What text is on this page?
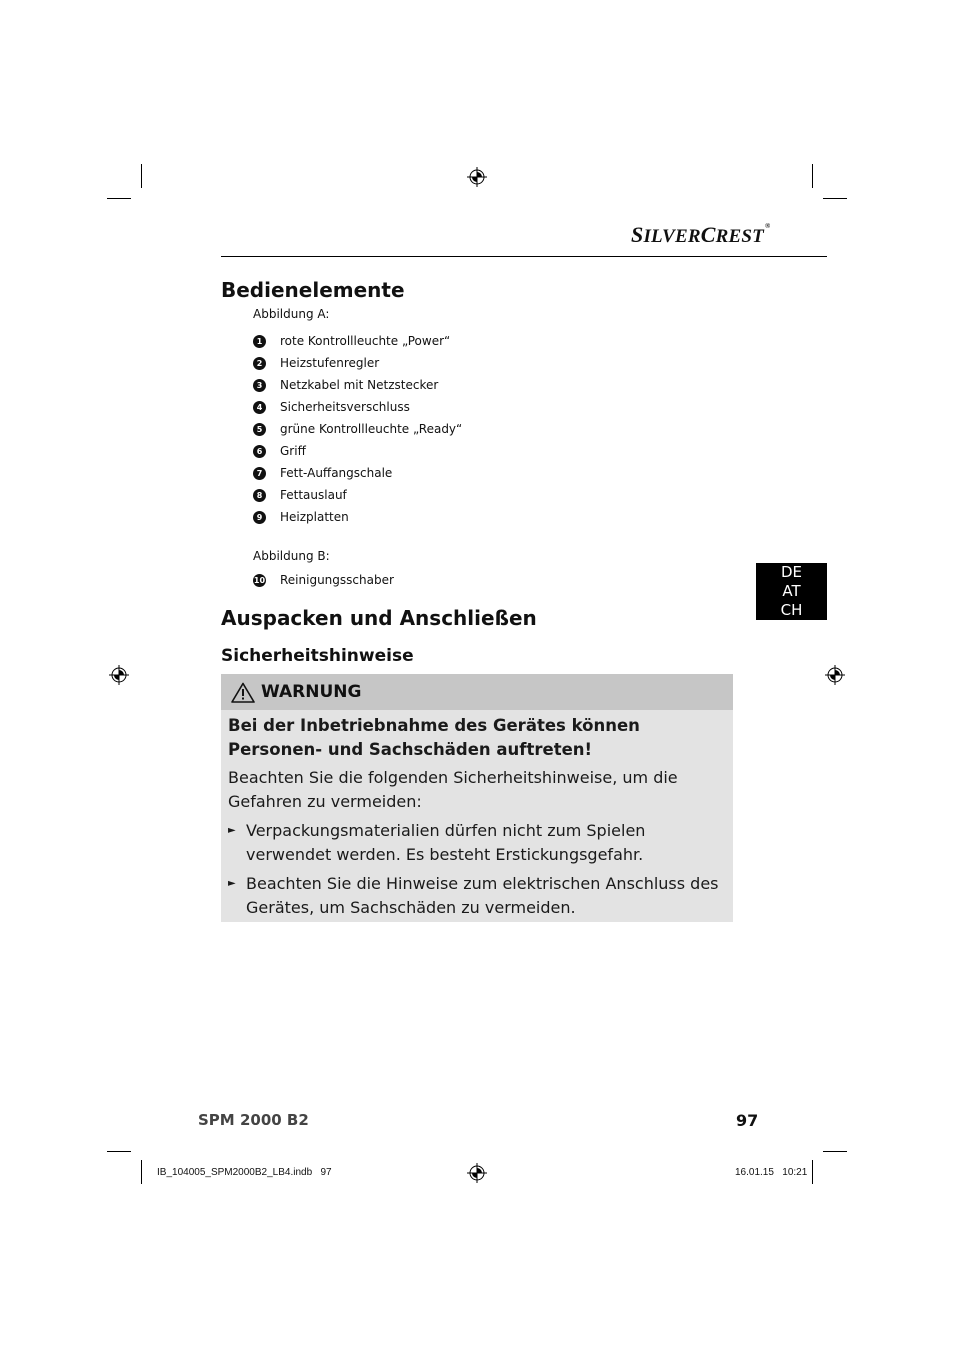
SILVERCREST®
Bedienelemente
Abbildung A:
1	rote Kontrollleuchte „Power“
2	Heizstufenregler
3	Netzkabel mit Netzstecker
4	Sicherheitsverschluss
5	grüne Kontrollleuchte „Ready“
6	Griff
7	Fett-Auffangschale
8	Fettauslauf
9	Heizplatten
Abbildung B:
10 Reinigungsschaber	DE
AT
CH
Auspacken und Anschließen
Sicherheitshinweise
WARNUNG

Bei der Inbetriebnahme des Gerätes können Personen- und Sachschäden auftreten!

Beachten Sie die folgenden Sicherheitshinweise, um die Gefahren zu vermeiden:

► Verpackungsmaterialien dürfen nicht zum Spielen verwendet werden. Es besteht Erstickungsgefahr.
► Beachten Sie die Hinweise zum elektrischen Anschluss des Gerätes, um Sachschäden zu vermeiden.
SPM 2000 B2	97
IB_104005_SPM2000B2_LB4.indb   97	16.01.15   10:21
